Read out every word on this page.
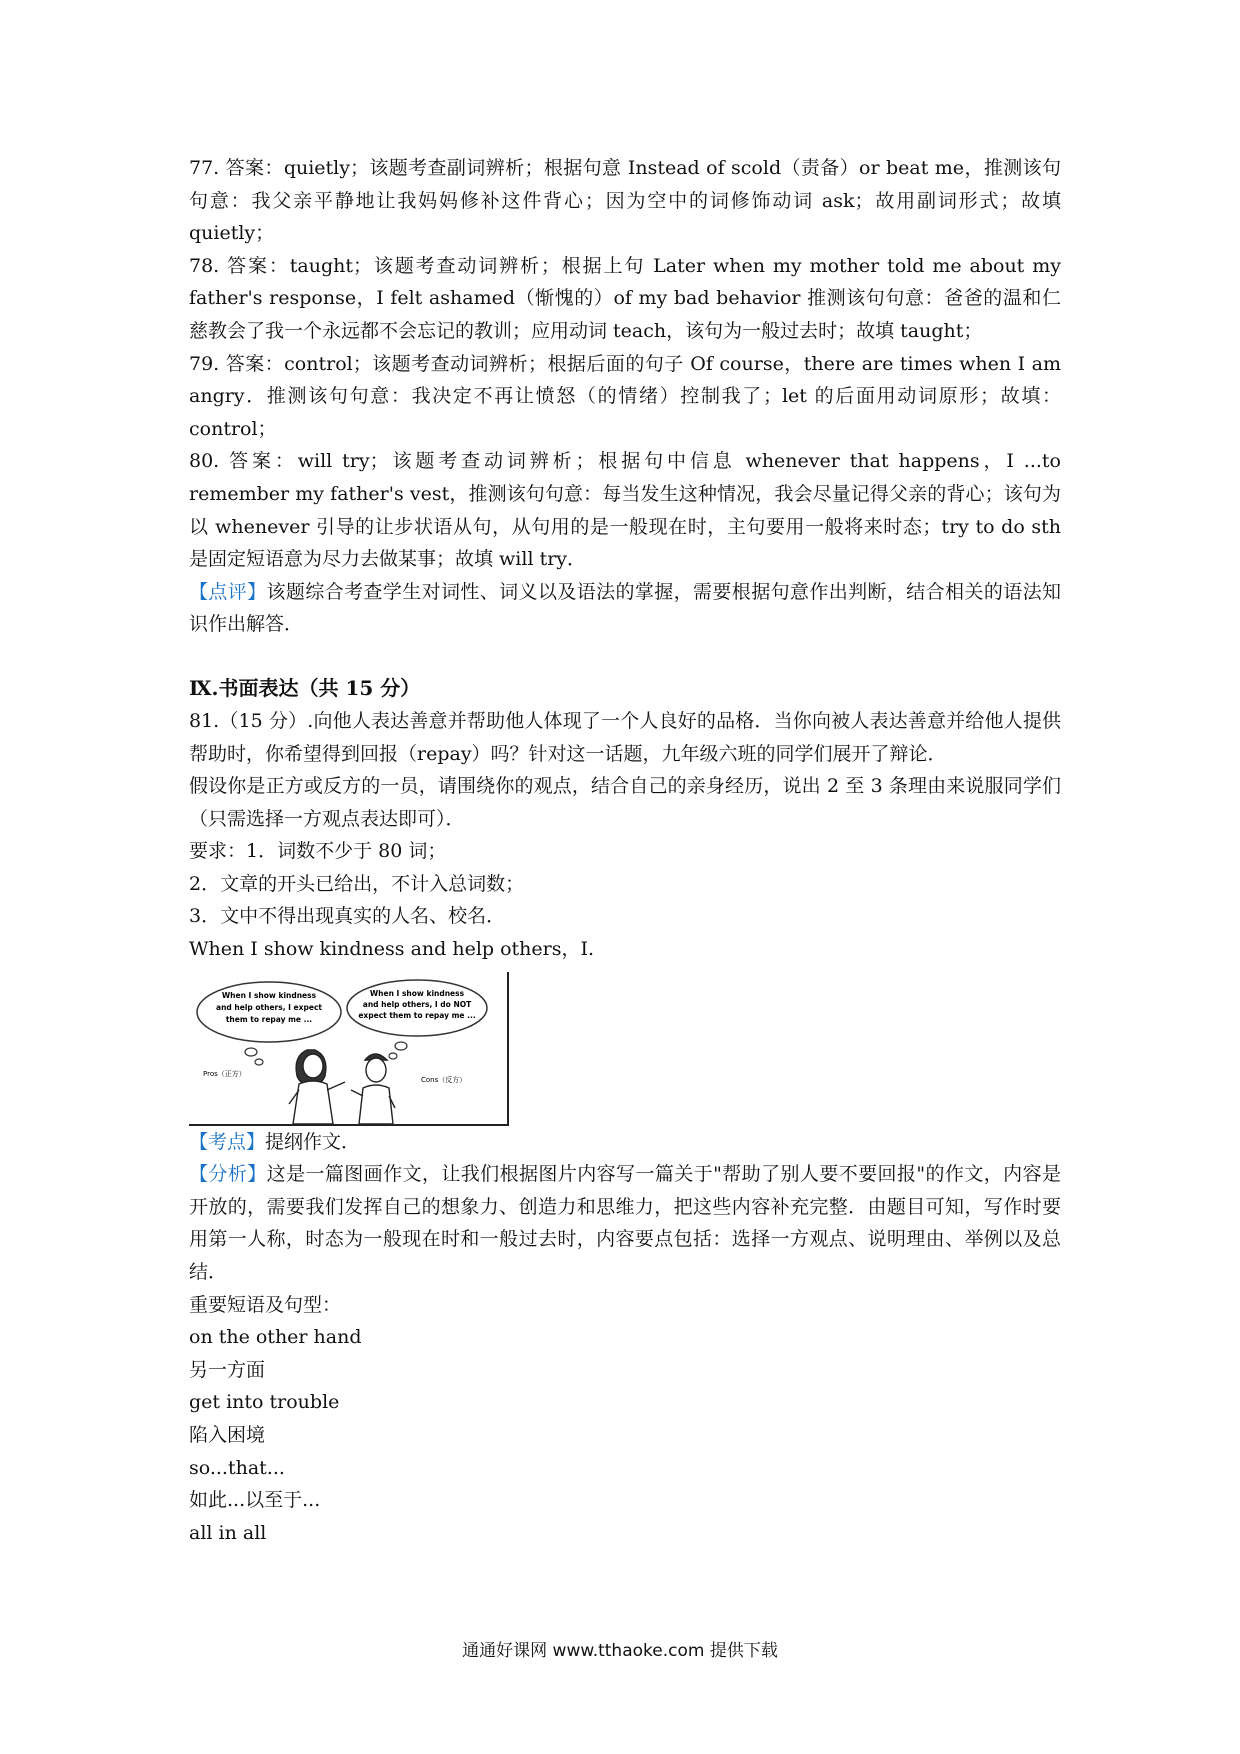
77. 答案：quietly；该题考查副词辨析；根据句意 Instead of scold（责备）or beat me，推测该句句意：我父亲平静地让我妈妈修补这件背心；因为空中的词修饰动词 ask；故用副词形式；故填 quietly；

78. 答案：taught；该题考查动词辨析；根据上句 Later when my mother told me about my father's response，I felt ashamed（惭愧的）of my bad behavior 推测该句句意：爸爸的温和仁慈教会了我一个永远都不会忘记的教训；应用动词 teach，该句为一般过去时；故填 taught；

79. 答案：control；该题考查动词辨析；根据后面的句子 Of course，there are times when I am angry．推测该句句意：我决定不再让愤怒（的情绪）控制我了；let 的后面用动词原形；故填：control；

80. 答案：will try；该题考查动词辨析；根据句中信息 whenever that happens，I ...to remember my father's vest，推测该句句意：每当发生这种情况，我会尽量记得父亲的背心；该句为以 whenever 引导的让步状语从句，从句用的是一般现在时，主句要用一般将来时态；try to do sth 是固定短语意为尽力去做某事；故填 will try．

【点评】该题综合考查学生对词性、词义以及语法的掌握，需要根据句意作出判断，结合相关的语法知识作出解答．

Ⅸ.书面表达（共 15 分）

81.（15 分）.向他人表达善意并帮助他人体现了一个人良好的品格．当你向被人表达善意并给他人提供帮助时，你希望得到回报（repay）吗？针对这一话题，九年级六班的同学们展开了辩论．

假设你是正方或反方的一员，请围绕你的观点，结合自己的亲身经历，说出 2 至 3 条理由来说服同学们（只需选择一方观点表达即可）．

要求：1．词数不少于 80 词；

2．文章的开头已给出，不计入总词数；

3．文中不得出现真实的人名、校名．

When I show kindness and help others，I.

When I show kindness
and help others, I expect
them to repay me ...
When I show kindness
and help others, I do NOT
expect them to repay me ...
Pros（正方）
Cons（反方）

【考点】提纲作文．

【分析】这是一篇图画作文，让我们根据图片内容写一篇关于"帮助了别人要不要回报"的作文，内容是开放的，需要我们发挥自己的想象力、创造力和思维力，把这些内容补充完整．由题目可知，写作时要用第一人称，时态为一般现在时和一般过去时，内容要点包括：选择一方观点、说明理由、举例以及总结．

重要短语及句型：

on the other hand

另一方面

get into trouble

陷入困境

so...that...

如此...以至于...

all in all

通通好课网 www.tthaoke.com 提供下载
